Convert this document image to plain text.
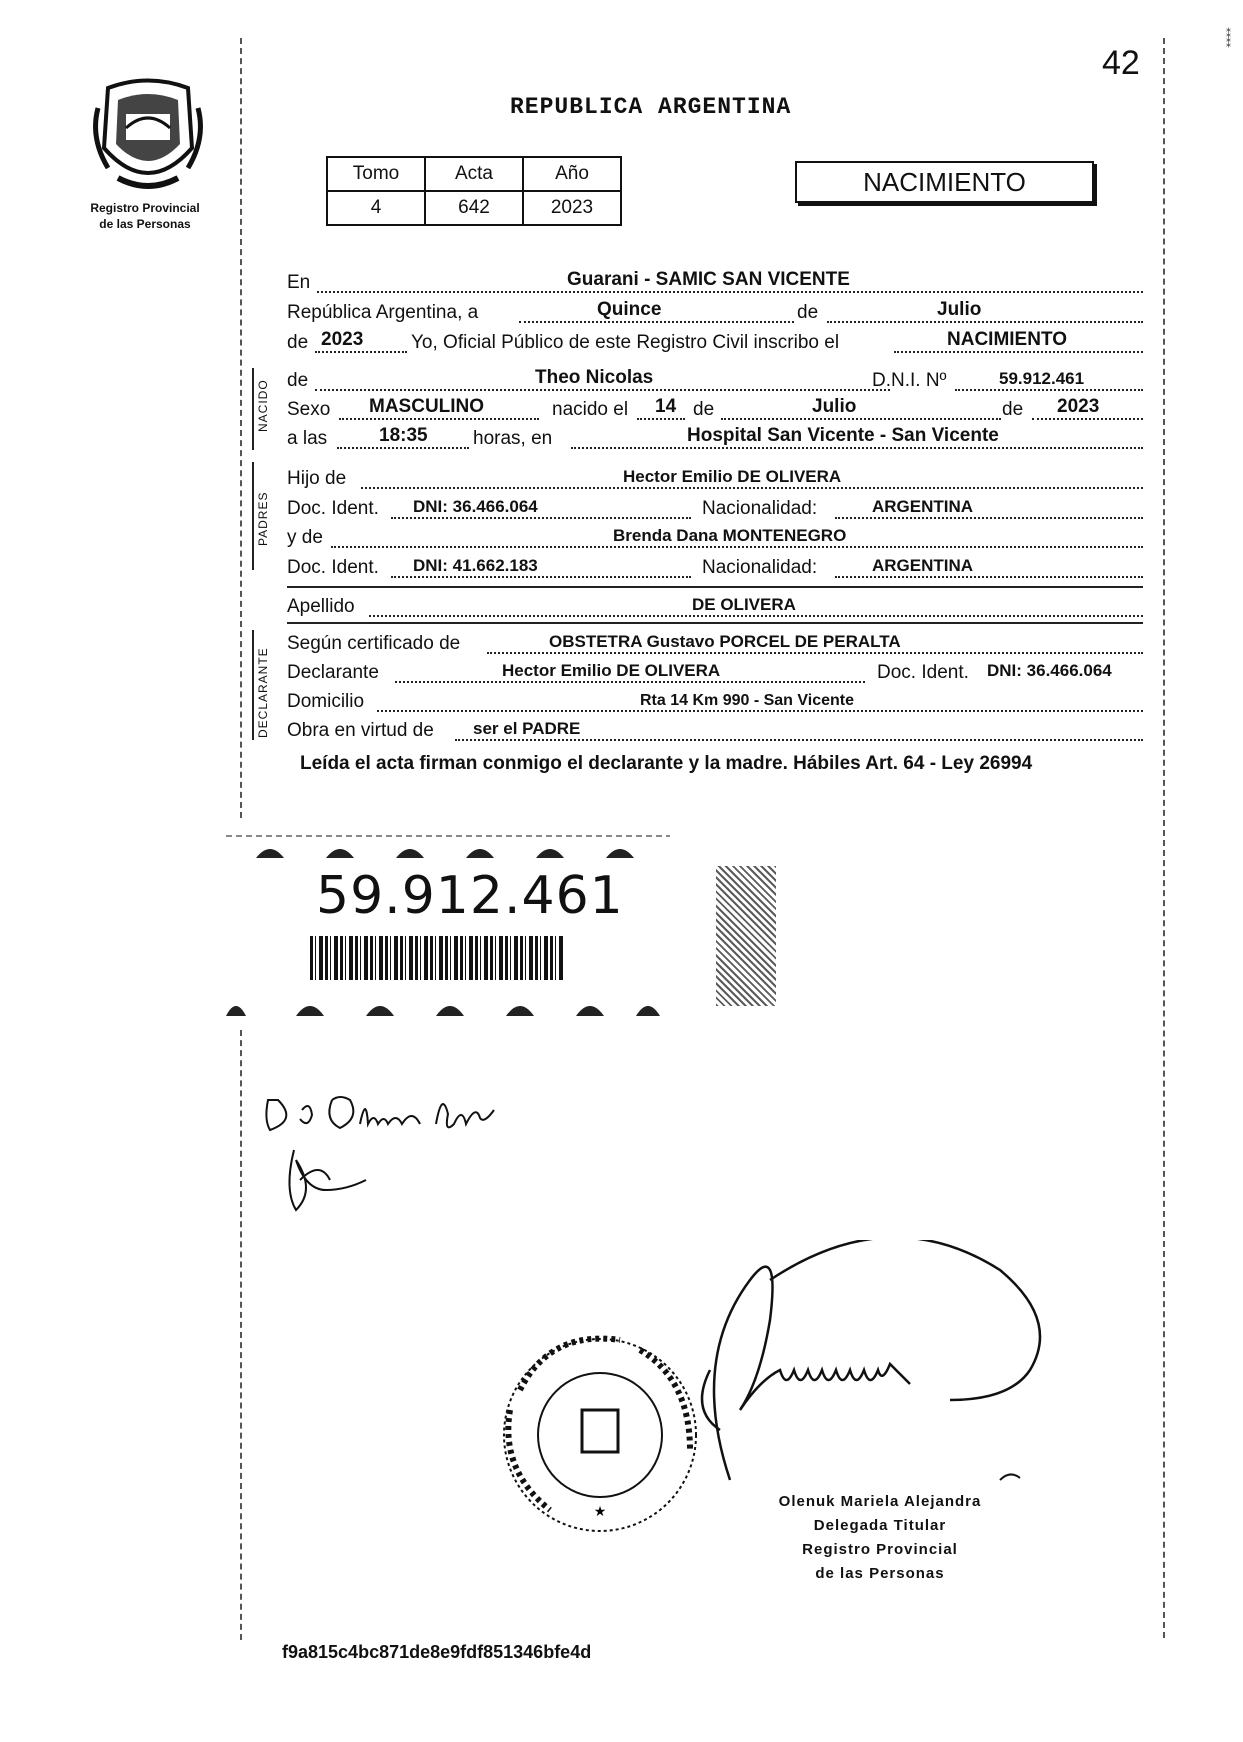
42
⁑
⁑
Registro Provincial
de las Personas
REPUBLICA ARGENTINA
Tomo	Acta	Año
4	642	2023
NACIMIENTO
En	Guarani - SAMIC SAN VICENTE
República Argentina, a	Quince	de	Julio
de 2023	Yo, Oficial Público de este Registro Civil inscribo el	NACIMIENTO
NACIDO de	Theo Nicolas	D.N.I. Nº	59.912.461
Sexo MASCULINO	nacido el 14 de	Julio	de 2023
a las	18:35 horas, en	Hospital San Vicente - San Vicente
PADRES
Hijo de	Hector Emilio DE OLIVERA
Doc. Ident. DNI: 36.466.064	Nacionalidad:	ARGENTINA
y de	Brenda Dana MONTENEGRO
Doc. Ident. DNI: 41.662.183	Nacionalidad:	ARGENTINA
Apellido	DE OLIVERA
DECLARANTE
Según certificado de	OBSTETRA Gustavo PORCEL DE PERALTA
Declarante	Hector Emilio DE OLIVERA	Doc. Ident. DNI: 36.466.064
Domicilio	Rta 14 Km 990 - San Vicente
Obra en virtud de ser el PADRE
Leída el acta firman conmigo el declarante y la madre. Hábiles Art. 64 - Ley 26994
59.912.461
★
Olenuk Mariela Alejandra
Delegada Titular
Registro Provincial
de las Personas
f9a815c4bc871de8e9fdf851346bfe4d
